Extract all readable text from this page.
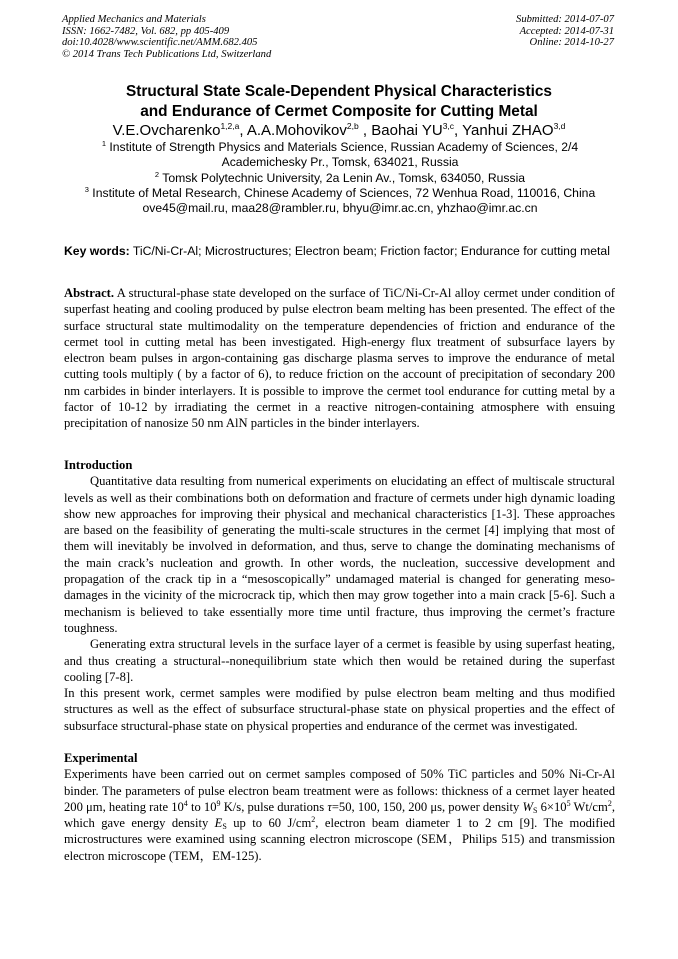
Applied Mechanics and Materials
ISSN: 1662-7482, Vol. 682, pp 405-409
doi:10.4028/www.scientific.net/AMM.682.405
© 2014 Trans Tech Publications Ltd, Switzerland
Submitted: 2014-07-07
Accepted: 2014-07-31
Online: 2014-10-27
Structural State Scale-Dependent Physical Characteristics
and Endurance of Cermet Composite for Cutting Metal
V.E.Ovcharenko$^{1,2,a}$, A.A.Mohovikov$^{2,b}$ , Baohai YU$^{3,c}$, Yanhui ZHAO$^{3,d}$
$^1$ Institute of Strength Physics and Materials Science, Russian Academy of Sciences, 2/4
Academichesky Pr., Tomsk, 634021, Russia
$^2$ Tomsk Polytechnic University, 2a Lenin Av., Tomsk, 634050, Russia
$^3$ Institute of Metal Research, Chinese Academy of Sciences, 72 Wenhua Road, 110016, China
ove45@mail.ru, maa28@rambler.ru, bhyu@imr.ac.cn, yhzhao@imr.ac.cn
Key words: TiC/Ni-Cr-Al; Microstructures; Electron beam; Friction factor; Endurance for cutting metal
Abstract. A structural-phase state developed on the surface of TiC/Ni-Cr-Al alloy cermet under condition of superfast heating and cooling produced by pulse electron beam melting has been presented. The effect of the surface structural state multimodality on the temperature dependencies of friction and endurance of the cermet tool in cutting metal has been investigated. High-energy flux treatment of subsurface layers by electron beam pulses in argon-containing gas discharge plasma serves to improve the endurance of metal cutting tools multiply ( by a factor of 6), to reduce friction on the account of precipitation of secondary 200 nm carbides in binder interlayers. It is possible to improve the cermet tool endurance for cutting metal by a factor of 10-12 by irradiating the cermet in a reactive nitrogen-containing atmosphere with ensuing precipitation of nanosize 50 nm AlN particles in the binder interlayers.
Introduction

Quantitative data resulting from numerical experiments on elucidating an effect of multiscale structural levels as well as their combinations both on deformation and fracture of cermets under high dynamic loading show new approaches for improving their physical and mechanical characteristics [1-3]. These approaches are based on the feasibility of generating the multi-scale structures in the cermet [4] implying that most of them will inevitably be involved in deformation, and thus, serve to change the dominating mechanisms of the main crack’s nucleation and growth. In other words, the nucleation, successive development and propagation of the crack tip in a “mesoscopically” undamaged material is changed for generating meso-damages in the vicinity of the microcrack tip, which then may grow together into a main crack [5-6]. Such a mechanism is believed to take essentially more time until fracture, thus improving the cermet’s fracture toughness.

Generating extra structural levels in the surface layer of a cermet is feasible by using superfast heating, and thus creating a structural--nonequilibrium state which then would be retained during the superfast cooling [7-8].

In this present work, cermet samples were modified by pulse electron beam melting and thus modified structures as well as the effect of subsurface structural-phase state on physical properties and the effect of subsurface structural-phase state on physical properties and endurance of the cermet was investigated.

Experimental

Experiments have been carried out on cermet samples composed of 50% TiC particles and 50% Ni-Cr-Al binder. The parameters of pulse electron beam treatment were as follows: thickness of a cermet layer heated 200 μm, heating rate $10^4$ to $10^9$ K/s, pulse durations τ=50, 100, 150, 200 μs, power density $W_S$ $6\times 10^5$ $Wt/cm^2$, which gave energy density $E_S$ up to 60 $J/cm^2$, electron beam diameter 1 to 2 cm [9]. The modified microstructures were examined using scanning electron microscope (SEM，Philips 515) and transmission electron microscope (TEM，EM-125).
